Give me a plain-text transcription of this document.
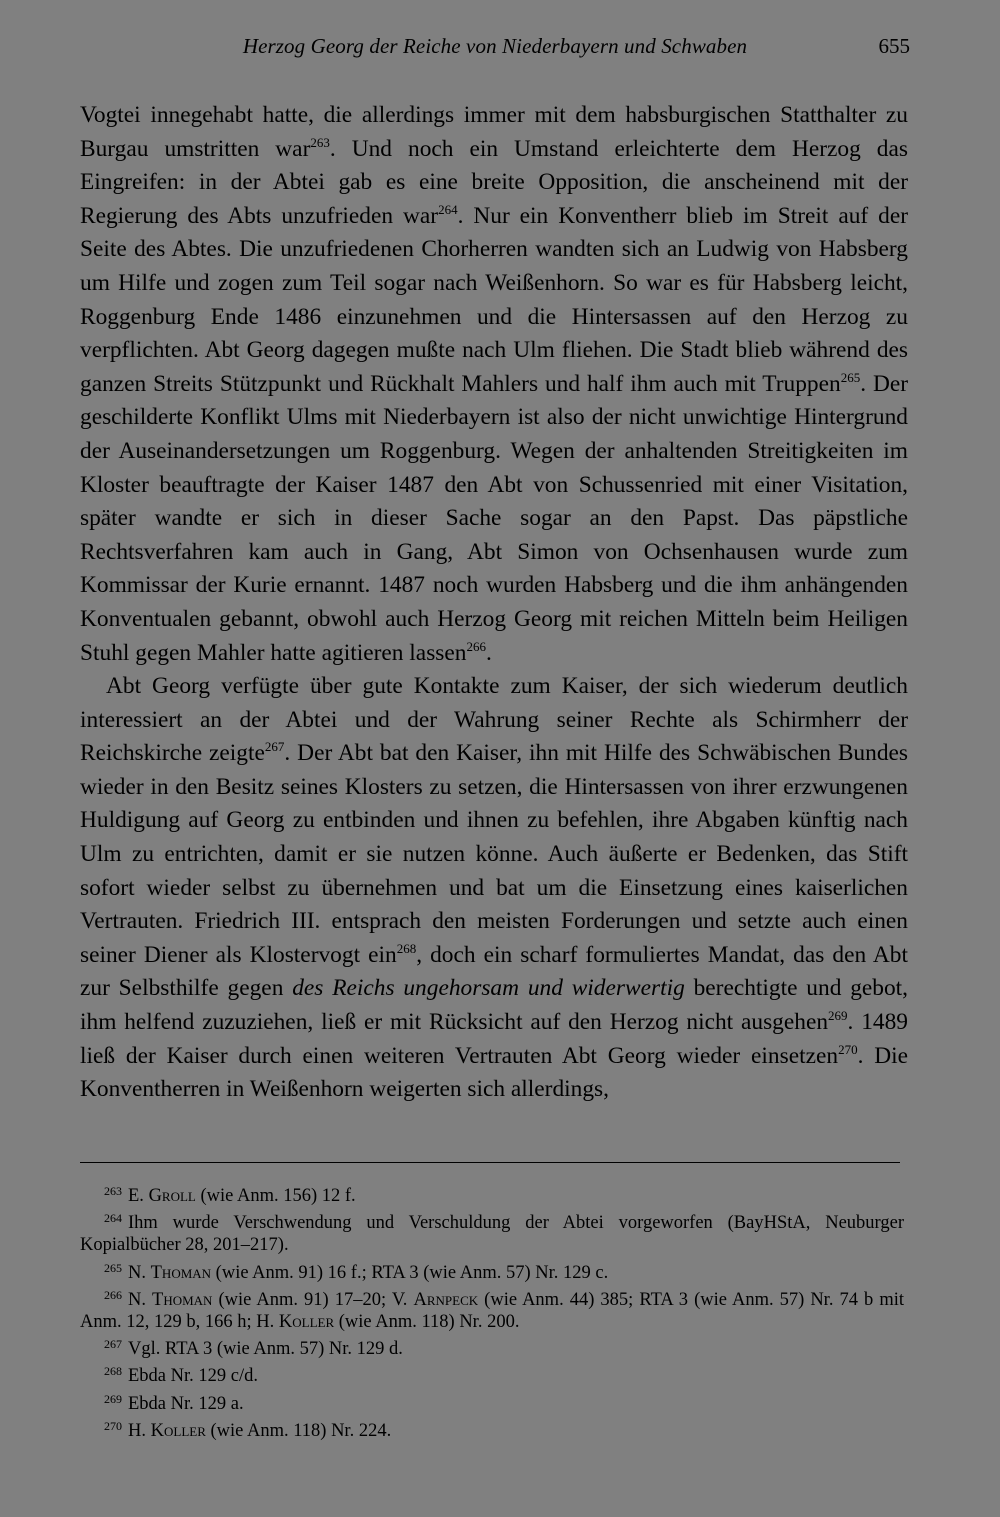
Herzog Georg der Reiche von Niederbayern und Schwaben	655

Vogtei innegehabt hatte, die allerdings immer mit dem habsburgischen Statthalter zu Burgau umstritten war$^{263}$. Und noch ein Umstand erleichterte dem Herzog das Eingreifen: in der Abtei gab es eine breite Opposition, die anscheinend mit der Regierung des Abts unzufrieden war$^{264}$. Nur ein Konventherr blieb im Streit auf der Seite des Abtes. Die unzufriedenen Chorherren wandten sich an Ludwig von Habsberg um Hilfe und zogen zum Teil sogar nach Weißenhorn. So war es für Habsberg leicht, Roggenburg Ende 1486 einzunehmen und die Hintersassen auf den Herzog zu verpflichten. Abt Georg dagegen mußte nach Ulm fliehen. Die Stadt blieb während des ganzen Streits Stützpunkt und Rückhalt Mahlers und half ihm auch mit Truppen$^{265}$. Der geschilderte Konflikt Ulms mit Niederbayern ist also der nicht unwichtige Hintergrund der Auseinandersetzungen um Roggenburg. Wegen der anhaltenden Streitigkeiten im Kloster beauftragte der Kaiser 1487 den Abt von Schussenried mit einer Visitation, später wandte er sich in dieser Sache sogar an den Papst. Das päpstliche Rechtsverfahren kam auch in Gang, Abt Simon von Ochsenhausen wurde zum Kommissar der Kurie ernannt. 1487 noch wurden Habsberg und die ihm anhängenden Konventualen gebannt, obwohl auch Herzog Georg mit reichen Mitteln beim Heiligen Stuhl gegen Mahler hatte agitieren lassen$^{266}$.

Abt Georg verfügte über gute Kontakte zum Kaiser, der sich wiederum deutlich interessiert an der Abtei und der Wahrung seiner Rechte als Schirmherr der Reichskirche zeigte$^{267}$. Der Abt bat den Kaiser, ihn mit Hilfe des Schwäbischen Bundes wieder in den Besitz seines Klosters zu setzen, die Hintersassen von ihrer erzwungenen Huldigung auf Georg zu entbinden und ihnen zu befehlen, ihre Abgaben künftig nach Ulm zu entrichten, damit er sie nutzen könne. Auch äußerte er Bedenken, das Stift sofort wieder selbst zu übernehmen und bat um die Einsetzung eines kaiserlichen Vertrauten. Friedrich III. entsprach den meisten Forderungen und setzte auch einen seiner Diener als Klostervogt ein$^{268}$, doch ein scharf formuliertes Mandat, das den Abt zur Selbsthilfe gegen des Reichs ungehorsam und widerwertig berechtigte und gebot, ihm helfend zuzuziehen, ließ er mit Rücksicht auf den Herzog nicht ausgehen$^{269}$. 1489 ließ der Kaiser durch einen weiteren Vertrauten Abt Georg wieder einsetzen$^{270}$. Die Konventherren in Weißenhorn weigerten sich allerdings,

$^{263}$ E. Groll (wie Anm. 156) 12 f.

$^{264}$ Ihm wurde Verschwendung und Verschuldung der Abtei vorgeworfen (BayHStA, Neuburger Kopialbücher 28, 201–217).

$^{265}$ N. Thoman (wie Anm. 91) 16 f.; RTA 3 (wie Anm. 57) Nr. 129 c.

$^{266}$ N. Thoman (wie Anm. 91) 17–20; V. Arnpeck (wie Anm. 44) 385; RTA 3 (wie Anm. 57) Nr. 74 b mit Anm. 12, 129 b, 166 h; H. Koller (wie Anm. 118) Nr. 200.

$^{267}$ Vgl. RTA 3 (wie Anm. 57) Nr. 129 d.

$^{268}$ Ebda Nr. 129 c/d.

$^{269}$ Ebda Nr. 129 a.

$^{270}$ H. Koller (wie Anm. 118) Nr. 224.
